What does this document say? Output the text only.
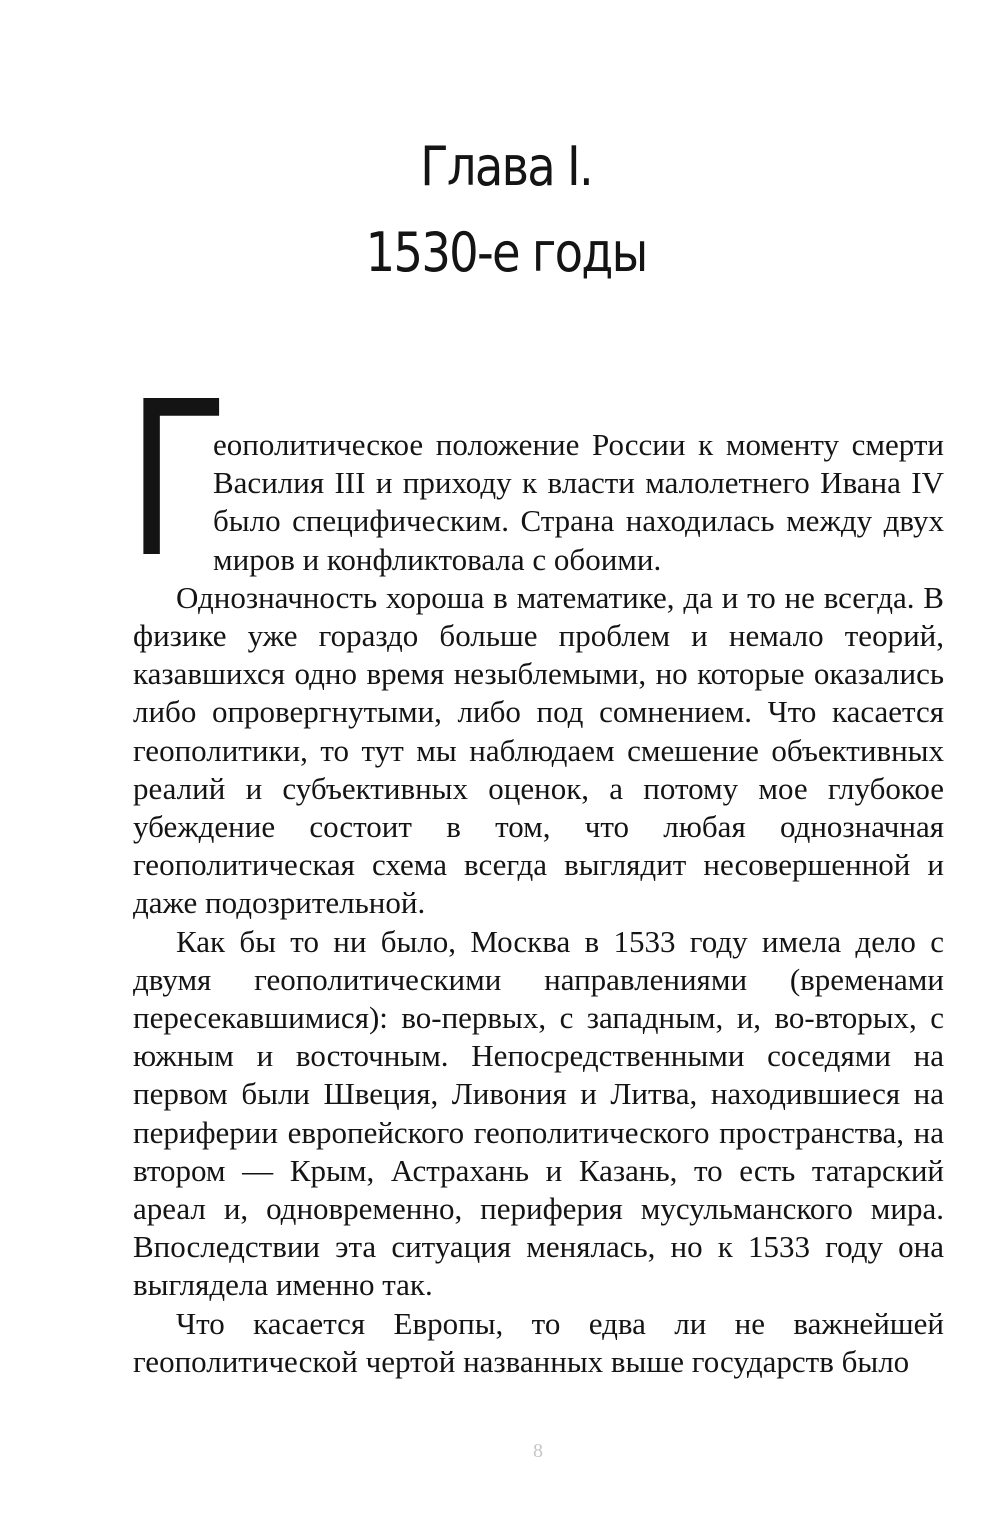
Глава I.
1530-е годы

Г
еополитическое положение России к моменту смерти Василия III и приходу к власти малолетнего Ивана IV было специфическим. Страна находилась между двух миров и конфликтовала с обоими.

Однозначность хороша в математике, да и то не всегда. В физике уже гораздо больше проблем и немало теорий, казавшихся одно время незыблемыми, но которые оказались либо опровергнутыми, либо под сомнением. Что касается геополитики, то тут мы наблюдаем смешение объективных реалий и субъективных оценок, а потому мое глубокое убеждение состоит в том, что любая однозначная геополитическая схема всегда выглядит несовершенной и даже подозрительной.

Как бы то ни было, Москва в 1533 году имела дело с двумя геополитическими направлениями (временами пересекавшимися): во-первых, с западным, и, во-вторых, с южным и восточным. Непосредственными соседями на первом были Швеция, Ливония и Литва, находившиеся на периферии европейского геополитического пространства, на втором — Крым, Астрахань и Казань, то есть татарский ареал и, одновременно, периферия мусульманского мира. Впоследствии эта ситуация менялась, но к 1533 году она выглядела именно так.

Что касается Европы, то едва ли не важнейшей геополитической чертой названных выше государств было

8
